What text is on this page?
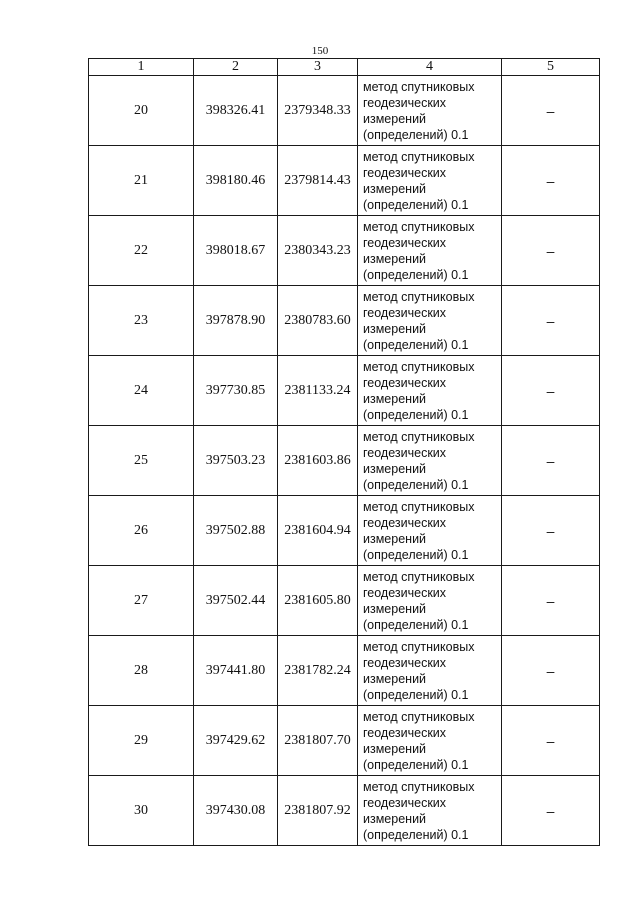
150
1	2	3	4	5
20	398326.41	2379348.33	метод спутниковых
геодезических
измерений
(определений) 0.1	–
21	398180.46	2379814.43	метод спутниковых
геодезических
измерений
(определений) 0.1	–
22	398018.67	2380343.23	метод спутниковых
геодезических
измерений
(определений) 0.1	–
23	397878.90	2380783.60	метод спутниковых
геодезических
измерений
(определений) 0.1	–
24	397730.85	2381133.24	метод спутниковых
геодезических
измерений
(определений) 0.1	–
25	397503.23	2381603.86	метод спутниковых
геодезических
измерений
(определений) 0.1	–
26	397502.88	2381604.94	метод спутниковых
геодезических
измерений
(определений) 0.1	–
27	397502.44	2381605.80	метод спутниковых
геодезических
измерений
(определений) 0.1	–
28	397441.80	2381782.24	метод спутниковых
геодезических
измерений
(определений) 0.1	–
29	397429.62	2381807.70	метод спутниковых
геодезических
измерений
(определений) 0.1	–
30	397430.08	2381807.92	метод спутниковых
геодезических
измерений
(определений) 0.1	–
